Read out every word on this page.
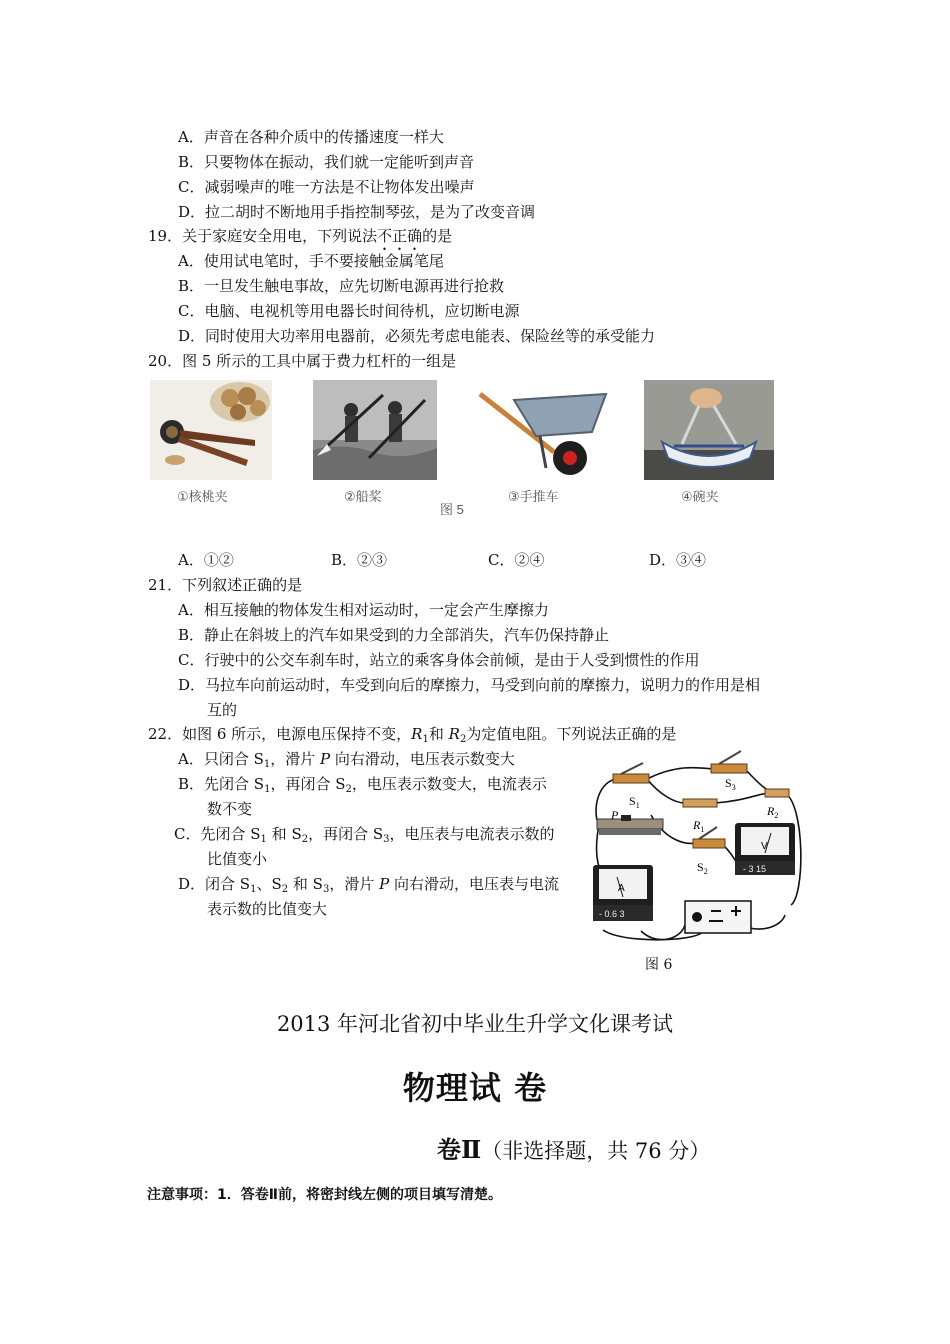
A．声音在各种介质中的传播速度一样大
B．只要物体在振动，我们就一定能听到声音
C．减弱噪声的唯一方法是不让物体发出噪声
D．拉二胡时不断地用手指控制琴弦，是为了改变音调
19．关于家庭安全用电，下列说法不正确的是
A．使用试电笔时，手不要接触金属笔尾
B．一旦发生触电事故，应先切断电源再进行抢救
C．电脑、电视机等用电器长时间待机，应切断电源
D．同时使用大功率用电器前，必须先考虑电能表、保险丝等的承受能力
20．图 5 所示的工具中属于费力杠杆的一组是
①核桃夹	②船桨	③手推车	④碗夹
图 5
A．①②	B．②③	C．②④	D．③④
21．下列叙述正确的是
A．相互接触的物体发生相对运动时，一定会产生摩擦力
B．静止在斜坡上的汽车如果受到的力全部消失，汽车仍保持静止
C．行驶中的公交车刹车时，站立的乘客身体会前倾，是由于人受到惯性的作用
D．马拉车向前运动时，车受到向后的摩擦力，马受到向前的摩擦力，说明力的作用是相
互的
22．如图 6 所示，电源电压保持不变，$R_1$和 $R_2$为定值电阻。下列说法正确的是
A．只闭合 $S_1$，滑片 P 向右滑动，电压表示数变大
B．先闭合 $S_1$，再闭合 $S_2$，电压表示数变大，电流表示
数不变
C．先闭合 $S_1$ 和 $S_2$，再闭合 $S_3$，电压表与电流表示数的
比值变小
D．闭合 $S_1$、$S_2$ 和 $S_3$，滑片 P 向右滑动，电压表与电流
表示数的比值变大
$S_1$
$S_3$
$R_1$
$R_2$
$S_2$
P
V
A
- 3 15
- 0.6 3
图 6
2013 年河北省初中毕业生升学文化课考试
物理试 卷
卷Ⅱ（非选择题，共 76 分）
注意事项：1．答卷Ⅱ前，将密封线左侧的项目填写清楚。
